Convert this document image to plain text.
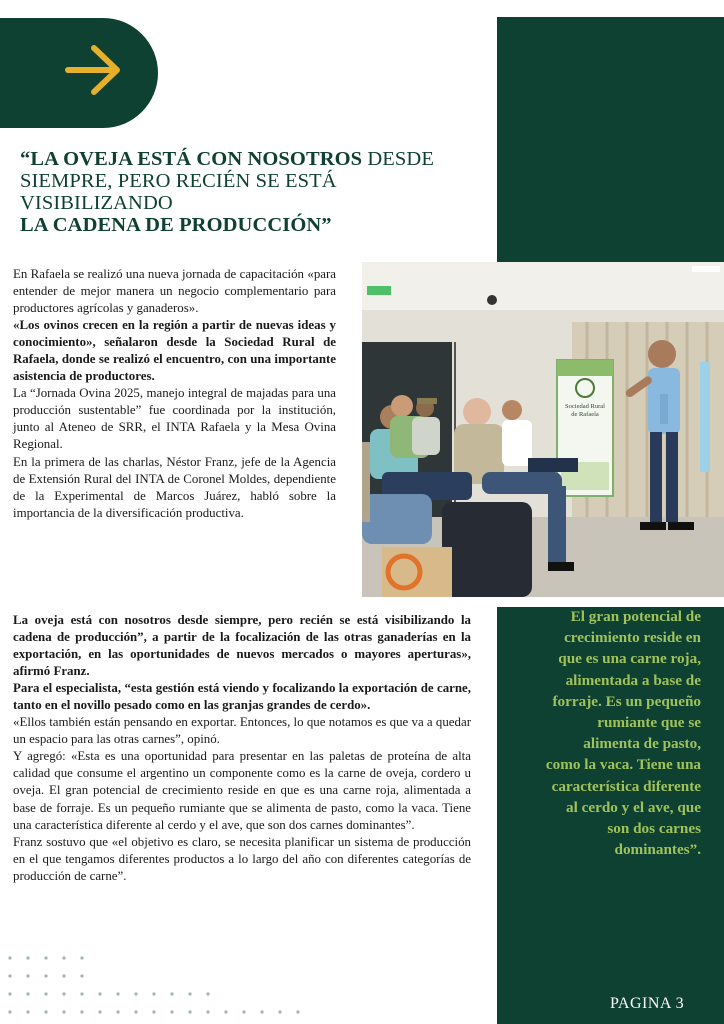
“LA OVEJA ESTÁ CON NOSOTROS DESDE
SIEMPRE, PERO RECIÉN SE ESTÁ VISIBILIZANDO
LA CADENA DE PRODUCCIÓN”
Sociedad Rural
de Rafaela

En Rafaela se realizó una nueva jornada de capacitación «para entender de mejor manera un negocio complementario para productores agrícolas y ganaderos».

«Los ovinos crecen en la región a partir de nuevas ideas y conocimiento», señalaron desde la Sociedad Rural de Rafaela, donde se realizó el encuentro, con una importante asistencia de productores.

La “Jornada Ovina 2025, manejo integral de majadas para una producción sustentable” fue coordinada por la institución, junto al Ateneo de SRR, el INTA Rafaela y la Mesa Ovina Regional.

En la primera de las charlas, Néstor Franz, jefe de la Agencia de Extensión Rural del INTA de Coronel Moldes, dependiente de la Experimental de Marcos Juárez, habló sobre la importancia de la diversificación productiva.

La oveja está con nosotros desde siempre, pero recién se está visibilizando la cadena de producción”, a partir de la focalización de las otras ganaderías en la exportación, en las oportunidades de nuevos mercados o mayores aperturas», afirmó Franz.

Para el especialista, “esta gestión está viendo y focalizando la exportación de carne, tanto en el novillo pesado como en las granjas grandes de cerdo».

«Ellos también están pensando en exportar. Entonces, lo que notamos es que va a quedar un espacio para las otras carnes”, opinó.

Y agregó: «Esta es una oportunidad para presentar en las paletas de proteína de alta calidad que consume el argentino un componente como es la carne de oveja, cordero u oveja. El gran potencial de crecimiento reside en que es una carne roja, alimentada a base de forraje. Es un pequeño rumiante que se alimenta de pasto, como la vaca. Tiene una característica diferente al cerdo y el ave, que son dos carnes dominantes”.

Franz sostuvo que «el objetivo es claro, se necesita planificar un sistema de producción en el que tengamos diferentes productos a lo largo del año con diferentes categorías de producción de carne”.

El gran potencial de crecimiento reside en que es una carne roja, alimentada a base de forraje. Es un pequeño rumiante que se alimenta de pasto, como la vaca. Tiene una característica diferente al cerdo y el ave, que son dos carnes dominantes”.

PAGINA 3
